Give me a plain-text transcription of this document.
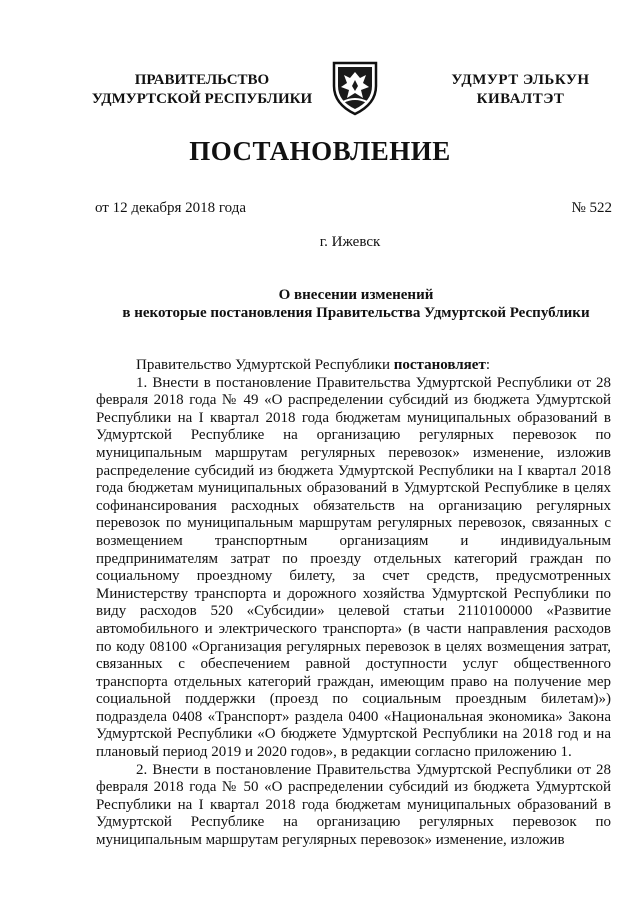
ПРАВИТЕЛЬСТВО
УДМУРТСКОЙ РЕСПУБЛИКИ
УДМУРТ ЭЛЬКУН
КИВАЛТЭТ
ПОСТАНОВЛЕНИЕ
от 12 декабря 2018 года	№ 522
г. Ижевск
О внесении изменений
в некоторые постановления Правительства Удмуртской Республики

Правительство Удмуртской Республики постановляет:

1. Внести в постановление Правительства Удмуртской Республики от 28 февраля 2018 года № 49 «О распределении субсидий из бюджета Удмуртской Республики на I квартал 2018 года бюджетам муниципальных образований в Удмуртской Республике на организацию регулярных перевозок по муниципальным маршрутам регулярных перевозок» изменение, изложив распределение субсидий из бюджета Удмуртской Республики на I квартал 2018 года бюджетам муниципальных образований в Удмуртской Республике в целях софинансирования расходных обязательств на организацию регулярных перевозок по муниципальным маршрутам регулярных перевозок, связанных с возмещением транспортным организациям и индивидуальным предпринимателям затрат по проезду отдельных категорий граждан по социальному проездному билету, за счет средств, предусмотренных Министерству транспорта и дорожного хозяйства Удмуртской Республики по виду расходов 520 «Субсидии» целевой статьи 2110100000 «Развитие автомобильного и электрического транспорта» (в части направления расходов по коду 08100 «Организация регулярных перевозок в целях возмещения затрат, связанных с обеспечением равной доступности услуг общественного транспорта отдельных категорий граждан, имеющим право на получение мер социальной поддержки (проезд по социальным проездным билетам)») подраздела 0408 «Транспорт» раздела 0400 «Национальная экономика» Закона Удмуртской Республики «О бюджете Удмуртской Республики на 2018 год и на плановый период 2019 и 2020 годов», в редакции согласно приложению 1.

2. Внести в постановление Правительства Удмуртской Республики от 28 февраля 2018 года № 50 «О распределении субсидий из бюджета Удмуртской Республики на I квартал 2018 года бюджетам муниципальных образований в Удмуртской Республике на организацию регулярных перевозок по муниципальным маршрутам регулярных перевозок» изменение, изложив
